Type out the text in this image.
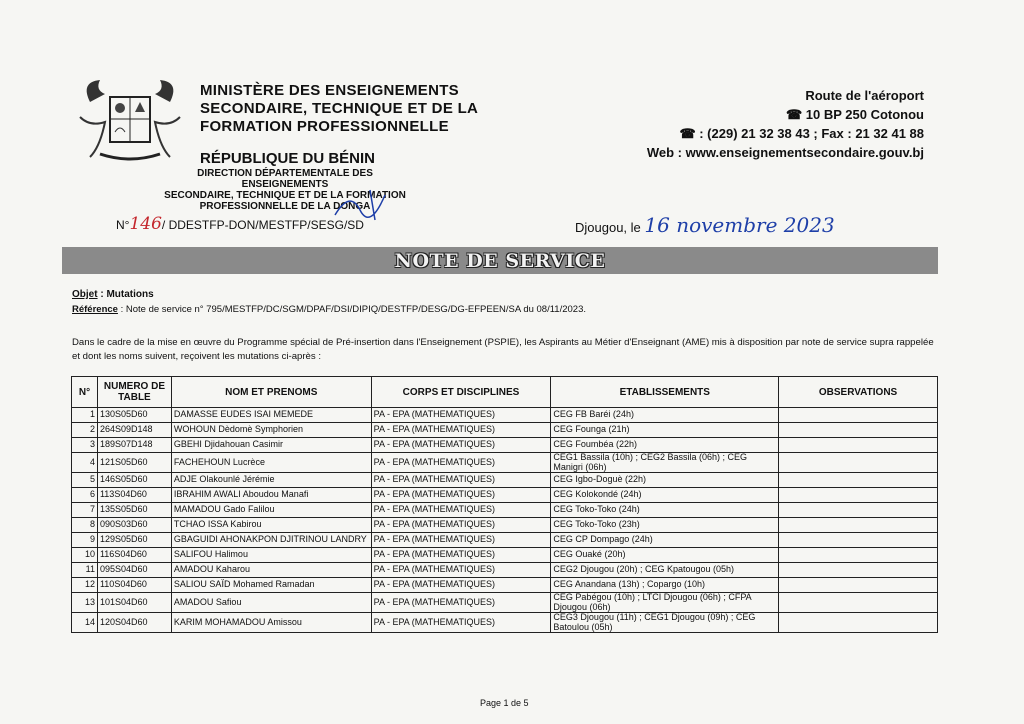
MINISTÈRE DES ENSEIGNEMENTS
SECONDAIRE, TECHNIQUE ET DE LA
FORMATION PROFESSIONNELLE
RÉPUBLIQUE DU BÉNIN
DIRECTION DÉPARTEMENTALE DES ENSEIGNEMENTS
SECONDAIRE, TECHNIQUE ET DE LA FORMATION
PROFESSIONNELLE DE LA DONGA
N°146/ DDESTFP-DON/MESTFP/SESG/SD
Route de l'aéroport
☎ 10 BP 250 Cotonou
☎ : (229) 21 32 38 43 ; Fax : 21 32 41 88
Web : www.enseignementsecondaire.gouv.bj
Djougou, le 16 novembre 2023
NOTE DE SERVICE
Objet : Mutations
Référence : Note de service n° 795/MESTFP/DC/SGM/DPAF/DSI/DIPIQ/DESTFP/DESG/DG-EFPEEN/SA du 08/11/2023.
Dans le cadre de la mise en œuvre du Programme spécial de Pré-insertion dans l'Enseignement (PSPIE), les Aspirants au Métier d'Enseignant (AME) mis à disposition par note de service supra rappelée et dont les noms suivent, reçoivent les mutations ci-après :
N°	NUMERO DE TABLE	NOM ET PRENOMS	CORPS ET DISCIPLINES	ETABLISSEMENTS	OBSERVATIONS
1	130S05D60	DAMASSE EUDES ISAI MEMEDE	PA - EPA (MATHEMATIQUES)	CEG FB Baréi (24h)	
2	264S09D148	WOHOUN Dèdomè Symphorien	PA - EPA (MATHEMATIQUES)	CEG Founga (21h)	
3	189S07D148	GBEHI Djidahouan Casimir	PA - EPA (MATHEMATIQUES)	CEG Foumbéa (22h)	
4	121S05D60	FACHEHOUN Lucrèce	PA - EPA (MATHEMATIQUES)	CEG1 Bassila (10h) ; CEG2 Bassila (06h) ; CEG Manigri (06h)	
5	146S05D60	ADJE Olakounlé Jérémie	PA - EPA (MATHEMATIQUES)	CEG Igbo-Doguè (22h)	
6	113S04D60	IBRAHIM AWALI Aboudou Manafi	PA - EPA (MATHEMATIQUES)	CEG Kolokondé (24h)	
7	135S05D60	MAMADOU Gado Falilou	PA - EPA (MATHEMATIQUES)	CEG Toko-Toko (24h)	
8	090S03D60	TCHAO ISSA Kabirou	PA - EPA (MATHEMATIQUES)	CEG Toko-Toko (23h)	
9	129S05D60	GBAGUIDI AHONAKPON DJITRINOU LANDRY	PA - EPA (MATHEMATIQUES)	CEG CP Dompago (24h)	
10	116S04D60	SALIFOU Halimou	PA - EPA (MATHEMATIQUES)	CEG Ouaké (20h)	
11	095S04D60	AMADOU Kaharou	PA - EPA (MATHEMATIQUES)	CEG2 Djougou (20h) ; CEG Kpatougou (05h)	
12	110S04D60	SALIOU SAÏD Mohamed Ramadan	PA - EPA (MATHEMATIQUES)	CEG Anandana (13h) ; Copargo (10h)	
13	101S04D60	AMADOU Safiou	PA - EPA (MATHEMATIQUES)	CEG Pabégou (10h) ; LTCI Djougou (06h) ; CFPA Djougou (06h)	
14	120S04D60	KARIM MOHAMADOU Amissou	PA - EPA (MATHEMATIQUES)	CEG3 Djougou (11h) ; CEG1 Djougou (09h) ; CEG Batoulou (05h)	
Page 1 de 5
